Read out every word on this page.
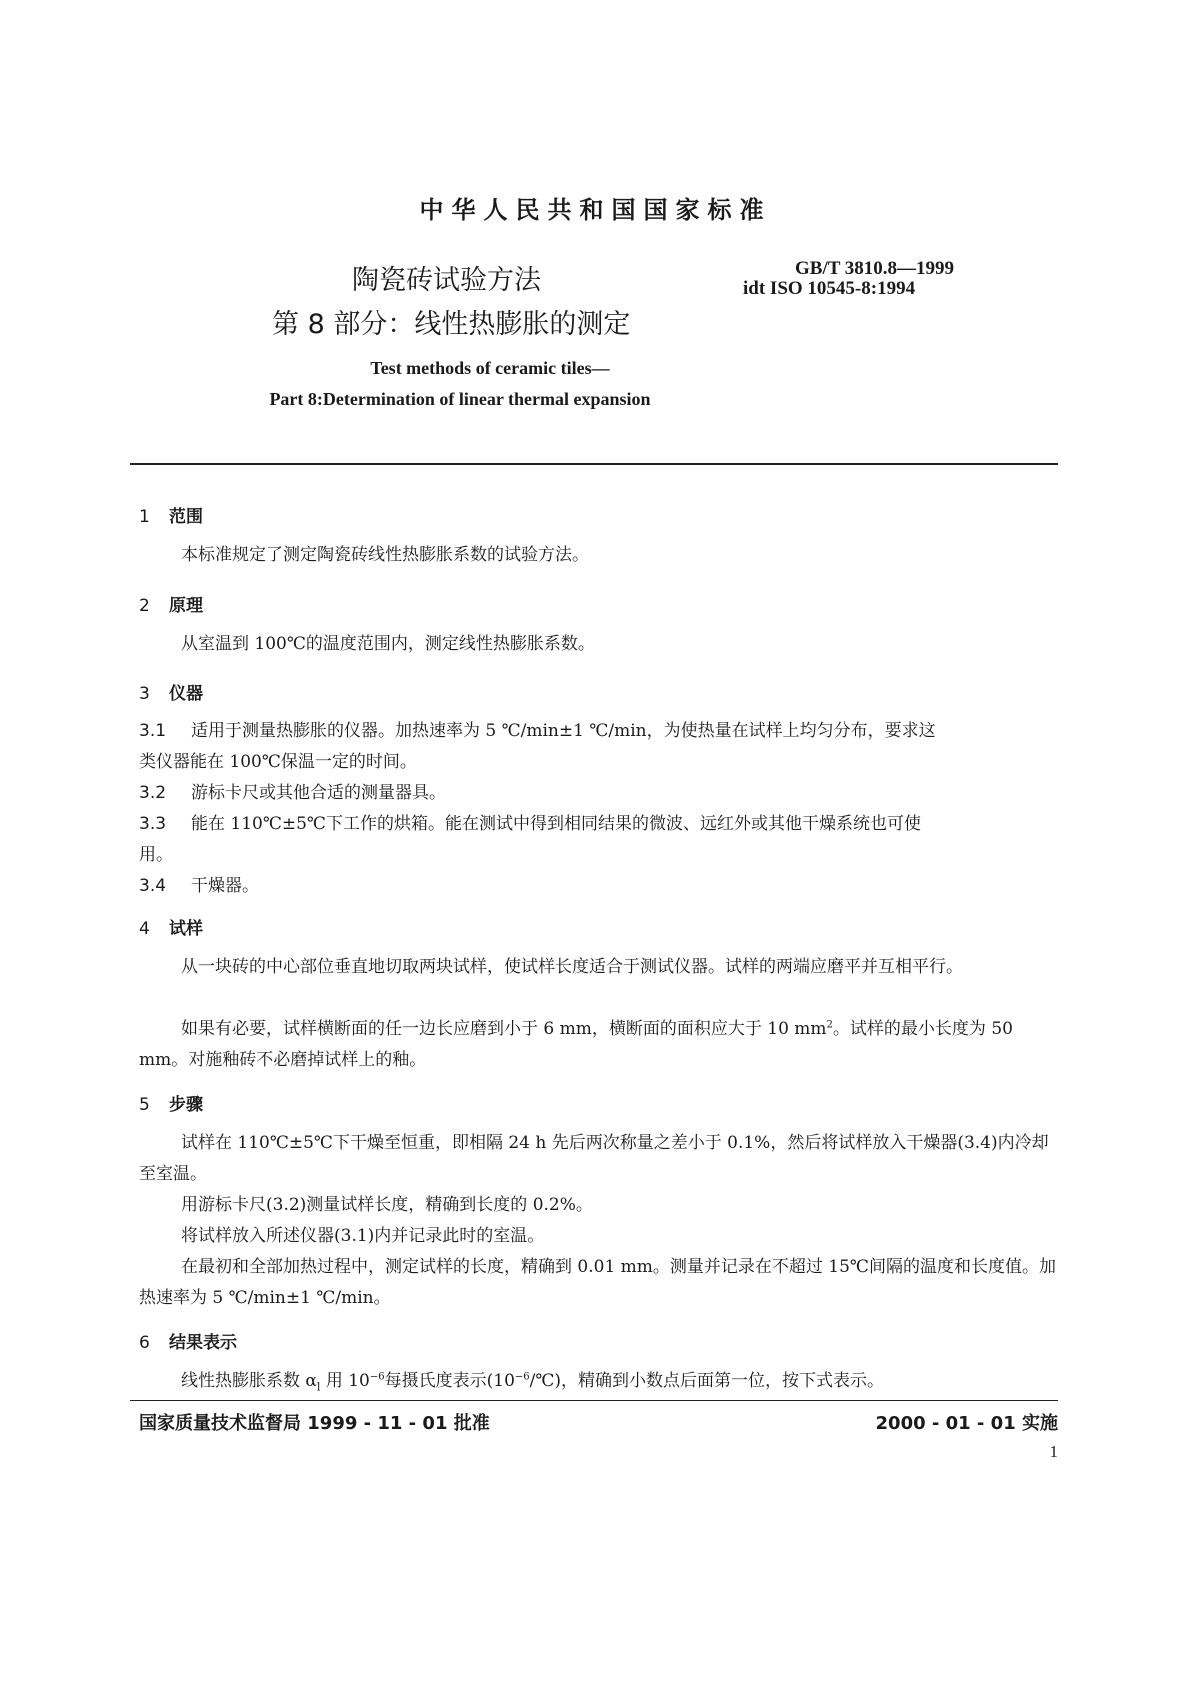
中华人民共和国国家标准
陶瓷砖试验方法
第 8 部分：线性热膨胀的测定
GB/T 3810.8—1999
idt ISO 10545-8:1994
Test methods of ceramic tiles—
Part 8:Determination of linear thermal expansion
1 范围
本标准规定了测定陶瓷砖线性热膨胀系数的试验方法。
2 原理
从室温到 100℃的温度范围内，测定线性热膨胀系数。
3 仪器
3.1 适用于测量热膨胀的仪器。加热速率为 5 ℃/min±1 ℃/min，为使热量在试样上均匀分布，要求这
类仪器能在 100℃保温一定的时间。
3.2 游标卡尺或其他合适的测量器具。
3.3 能在 110℃±5℃下工作的烘箱。能在测试中得到相同结果的微波、远红外或其他干燥系统也可使
用。
3.4 干燥器。
4 试样
从一块砖的中心部位垂直地切取两块试样，使试样长度适合于测试仪器。试样的两端应磨平并互相平行。
如果有必要，试样横断面的任一边长应磨到小于 6 mm，横断面的面积应大于 10 $mm^2$。试样的最小长度为 50 mm。对施釉砖不必磨掉试样上的釉。
5 步骤
试样在 110℃±5℃下干燥至恒重，即相隔 24 h 先后两次称量之差小于 0.1%，然后将试样放入干燥器(3.4)内冷却至室温。
用游标卡尺(3.2)测量试样长度，精确到长度的 0.2%。
将试样放入所述仪器(3.1)内并记录此时的室温。
在最初和全部加热过程中，测定试样的长度，精确到 0.01 mm。测量并记录在不超过 15℃间隔的温度和长度值。加热速率为 5 ℃/min±1 ℃/min。
6 结果表示
线性热膨胀系数 $\alpha_l$ 用 $10^{-6}$每摄氏度表示$(10^{-6}/℃)$，精确到小数点后面第一位，按下式表示。
国家质量技术监督局 1999 - 11 - 01 批准	2000 - 01 - 01 实施
1
